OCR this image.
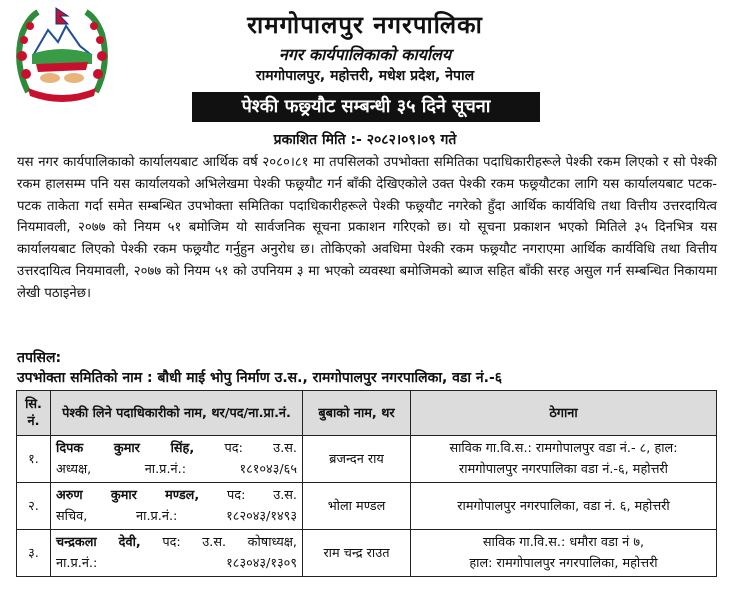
रामगोपालपुर नगरपालिका
नगर कार्यपालिकाको कार्यालय
रामगोपालपुर, महोत्तरी, मधेश प्रदेश, नेपाल
पेश्की फछ्र्यौट सम्बन्धी ३५ दिने सूचना
प्रकाशित मिति :- २०८२।०९।०९ गते

यस नगर कार्यपालिकाको कार्यालयबाट आर्थिक वर्ष २०८०।८१ मा तपसिलको उपभोक्ता समितिका पदाधिकारीहरूले पेश्की रकम लिएको र सो पेश्की रकम हालसम्म पनि यस कार्यालयको अभिलेखमा पेश्की फछ्र्यौट गर्न बाँकी देखिएकोले उक्त पेश्की रकम फछ्र्यौटका लागि यस कार्यालयबाट पटक-पटक ताकेता गर्दा समेत सम्बन्धित उपभोक्ता समितिका पदाधिकारीहरूले पेश्की फछ्र्यौट नगरेको हुँदा आर्थिक कार्यविधि तथा वित्तीय उत्तरदायित्व नियमावली, २०७७ को नियम ५१ बमोजिम यो सार्वजनिक सूचना प्रकाशन गरिएको छ। यो सूचना प्रकाशन भएको मितिले ३५ दिनभित्र यस कार्यालयबाट लिएको पेश्की रकम फछ्र्यौट गर्नुहुन अनुरोध छ। तोकिएको अवधिमा पेश्की रकम फछ्र्यौट नगराएमा आर्थिक कार्यविधि तथा वित्तीय उत्तरदायित्व नियमावली, २०७७ को नियम ५१ को उपनियम ३ मा भएको व्यवस्था बमोजिमको ब्याज सहित बाँकी सरह असुल गर्न सम्बन्धित निकायमा लेखी पठाइनेछ।

तपसिल:
उपभोक्ता समितिको नाम : बौधी माई भोपु निर्माण उ.स., रामगोपालपुर नगरपालिका, वडा नं.-६
सि. नं.	पेश्की लिने पदाधिकारीको नाम, थर/पद/ना.प्रा.नं.	बुबाको नाम, थर	ठेगाना
१.	दिपक कुमार सिंह, पद: उ.स.
अध्यक्ष, ना.प्र.नं.: १८१०४३/६५	ब्रजन्दन राय	साविक गा.वि.स.: रामगोपालपुर वडा नं.- ८, हाल:
रामगोपालपुर नगरपालिका वडा नं.-६, महोत्तरी
२.	अरुण कुमार मण्डल, पद: उ.स.
सचिव, ना.प्र.नं.: १८२०४३/१४९३	भोला मण्डल	रामगोपालपुर नगरपालिका, वडा नं. ६, महोत्तरी
३.	चन्द्रकला देवी, पद: उ.स. कोषाध्यक्ष,
ना.प्र.नं.: १८३०४३/१३०९	राम चन्द्र राउत	साविक गा.वि.स.: धमौरा वडा नं ७,
हाल: रामगोपालपुर नगरपालिका, महोत्तरी
